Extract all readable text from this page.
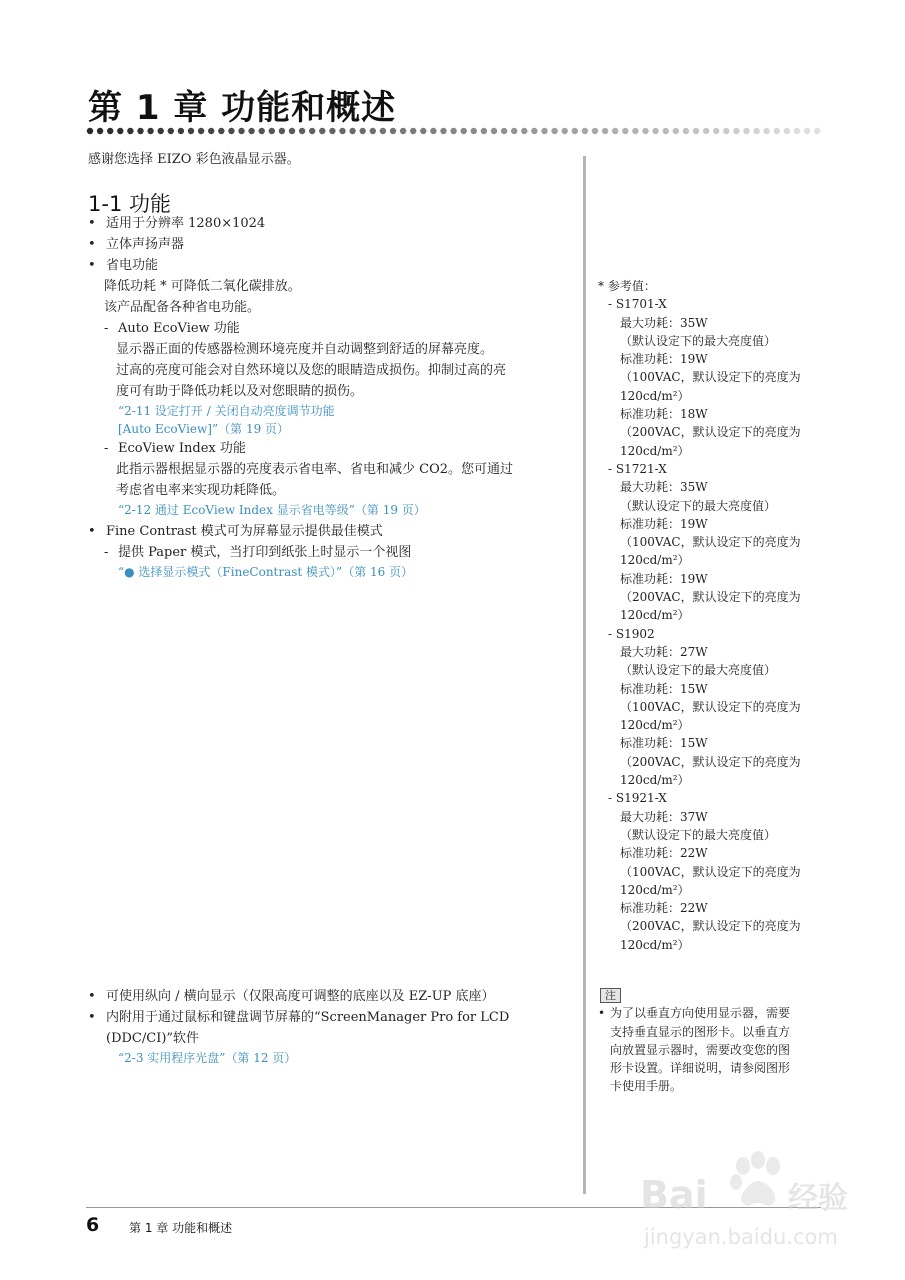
第 1 章 功能和概述
感谢您选择 EIZO 彩色液晶显示器。
1-1 功能
• 适用于分辨率 1280×1024
• 立体声扬声器
• 省电功能
降低功耗 * 可降低二氧化碳排放。
该产品配备各种省电功能。
- Auto EcoView 功能
显示器正面的传感器检测环境亮度并自动调整到舒适的屏幕亮度。
过高的亮度可能会对自然环境以及您的眼睛造成损伤。抑制过高的亮
度可有助于降低功耗以及对您眼睛的损伤。
“2-11 设定打开 / 关闭自动亮度调节功能
[Auto EcoView]”（第 19 页）
- EcoView Index 功能
此指示器根据显示器的亮度表示省电率、省电和减少 CO2。您可通过
考虑省电率来实现功耗降低。
“2-12 通过 EcoView Index 显示省电等级”（第 19 页）
• Fine Contrast 模式可为屏幕显示提供最佳模式
- 提供 Paper 模式，当打印到纸张上时显示一个视图
“● 选择显示模式（FineContrast 模式）”（第 16 页）
• 可使用纵向 / 横向显示（仅限高度可调整的底座以及 EZ-UP 底座）
• 内附用于通过鼠标和键盘调节屏幕的“ScreenManager Pro for LCD
(DDC/CI)”软件
“2-3 实用程序光盘”（第 12 页）
* 参考值：
- S1701-X
最大功耗：35W
（默认设定下的最大亮度值）
标准功耗：19W
（100VAC，默认设定下的亮度为
120cd/m²）
标准功耗：18W
（200VAC，默认设定下的亮度为
120cd/m²）
- S1721-X
最大功耗：35W
（默认设定下的最大亮度值）
标准功耗：19W
（100VAC，默认设定下的亮度为
120cd/m²）
标准功耗：19W
（200VAC，默认设定下的亮度为
120cd/m²）
- S1902
最大功耗：27W
（默认设定下的最大亮度值）
标准功耗：15W
（100VAC，默认设定下的亮度为
120cd/m²）
标准功耗：15W
（200VAC，默认设定下的亮度为
120cd/m²）
- S1921-X
最大功耗：37W
（默认设定下的最大亮度值）
标准功耗：22W
（100VAC，默认设定下的亮度为
120cd/m²）
标准功耗：22W
（200VAC，默认设定下的亮度为
120cd/m²）
注
• 为了以垂直方向使用显示器，需要
支持垂直显示的图形卡。以垂直方
向放置显示器时，需要改变您的图
形卡设置。详细说明，请参阅图形
卡使用手册。
6 第 1 章 功能和概述
Bai	经验
jingyan.baidu.com
